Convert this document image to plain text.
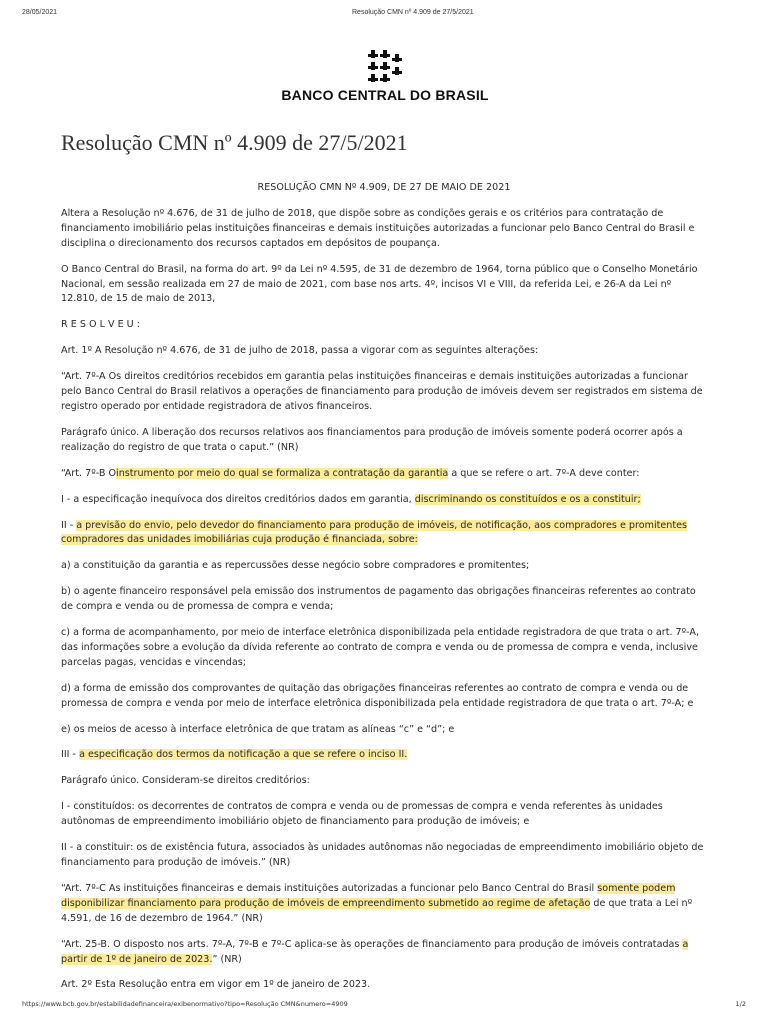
28/05/2021	Resolução CMN nº 4.909 de 27/5/2021
BANCO CENTRAL DO BRASIL
Resolução CMN nº 4.909 de 27/5/2021

RESOLUÇÃO CMN Nº 4.909, DE 27 DE MAIO DE 2021

Altera a Resolução nº 4.676, de 31 de julho de 2018, que dispõe sobre as condições gerais e os critérios para contratação de financiamento imobiliário pelas instituições financeiras e demais instituições autorizadas a funcionar pelo Banco Central do Brasil e disciplina o direcionamento dos recursos captados em depósitos de poupança.

O Banco Central do Brasil, na forma do art. 9º da Lei nº 4.595, de 31 de dezembro de 1964, torna público que o Conselho Monetário Nacional, em sessão realizada em 27 de maio de 2021, com base nos arts. 4º, incisos VI e VIII, da referida Lei, e 26-A da Lei nº 12.810, de 15 de maio de 2013,

R E S O L V E U :

Art. 1º A Resolução nº 4.676, de 31 de julho de 2018, passa a vigorar com as seguintes alterações:

“Art. 7º-A Os direitos creditórios recebidos em garantia pelas instituições financeiras e demais instituições autorizadas a funcionar pelo Banco Central do Brasil relativos a operações de financiamento para produção de imóveis devem ser registrados em sistema de registro operado por entidade registradora de ativos financeiros.

Parágrafo único. A liberação dos recursos relativos aos financiamentos para produção de imóveis somente poderá ocorrer após a realização do registro de que trata o caput.” (NR)

“Art. 7º-B Oinstrumento por meio do qual se formaliza a contratação da garantia a que se refere o art. 7º-A deve conter:

I - a especificação inequívoca dos direitos creditórios dados em garantia, discriminando os constituídos e os a constituir;

II - a previsão do envio, pelo devedor do financiamento para produção de imóveis, de notificação, aos compradores e promitentes compradores das unidades imobiliárias cuja produção é financiada, sobre:

a) a constituição da garantia e as repercussões desse negócio sobre compradores e promitentes;

b) o agente financeiro responsável pela emissão dos instrumentos de pagamento das obrigações financeiras referentes ao contrato de compra e venda ou de promessa de compra e venda;

c) a forma de acompanhamento, por meio de interface eletrônica disponibilizada pela entidade registradora de que trata o art. 7º-A, das informações sobre a evolução da dívida referente ao contrato de compra e venda ou de promessa de compra e venda, inclusive parcelas pagas, vencidas e vincendas;

d) a forma de emissão dos comprovantes de quitação das obrigações financeiras referentes ao contrato de compra e venda ou de promessa de compra e venda por meio de interface eletrônica disponibilizada pela entidade registradora de que trata o art. 7º-A; e

e) os meios de acesso à interface eletrônica de que tratam as alíneas “c” e “d”; e

III - a especificação dos termos da notificação a que se refere o inciso II.

Parágrafo único. Consideram-se direitos creditórios:

I - constituídos: os decorrentes de contratos de compra e venda ou de promessas de compra e venda referentes às unidades autônomas de empreendimento imobiliário objeto de financiamento para produção de imóveis; e

II - a constituir: os de existência futura, associados às unidades autônomas não negociadas de empreendimento imobiliário objeto de financiamento para produção de imóveis.” (NR)

“Art. 7º-C As instituições financeiras e demais instituições autorizadas a funcionar pelo Banco Central do Brasil somente podem disponibilizar financiamento para produção de imóveis de empreendimento submetido ao regime de afetação de que trata a Lei nº 4.591, de 16 de dezembro de 1964.” (NR)

“Art. 25-B. O disposto nos arts. 7º-A, 7º-B e 7º-C aplica-se às operações de financiamento para produção de imóveis contratadas a partir de 1º de janeiro de 2023.” (NR)

Art. 2º Esta Resolução entra em vigor em 1º de janeiro de 2023.

https://www.bcb.gov.br/estabilidadefinanceira/exibenormativo?tipo=Resolução CMN&numero=4909	1/2
